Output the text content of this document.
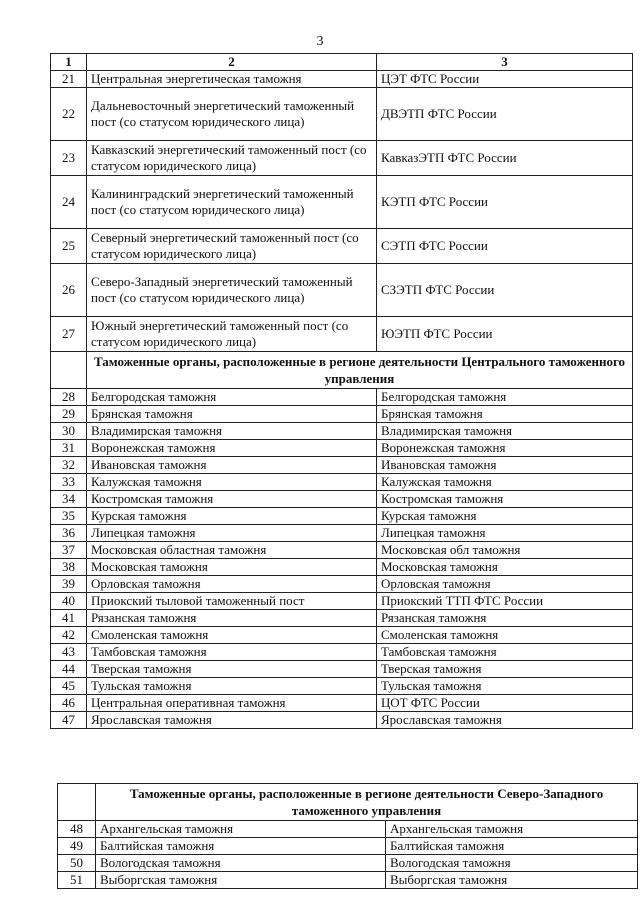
3
1	2	3
21	Центральная энергетическая таможня	ЦЭТ ФТС России
22	Дальневосточный энергетический таможенный пост (со статусом юридического лица)	ДВЭТП ФТС России
23	Кавказский энергетический таможенный пост (со статусом юридического лица)	КавказЭТП ФТС России
24	Калининградский энергетический таможенный пост (со статусом юридического лица)	КЭТП ФТС России
25	Северный энергетический таможенный пост (со статусом юридического лица)	СЭТП ФТС России
26	Северо-Западный энергетический таможенный пост (со статусом юридического лица)	СЗЭТП ФТС России
27	Южный энергетический таможенный пост (со статусом юридического лица)	ЮЭТП ФТС России
	Таможенные органы, расположенные в регионе деятельности Центрального таможенного управления	
28	Белгородская таможня	Белгородская таможня
29	Брянская таможня	Брянская таможня
30	Владимирская таможня	Владимирская таможня
31	Воронежская таможня	Воронежская таможня
32	Ивановская таможня	Ивановская таможня
33	Калужская таможня	Калужская таможня
34	Костромская таможня	Костромская таможня
35	Курская таможня	Курская таможня
36	Липецкая таможня	Липецкая таможня
37	Московская областная таможня	Московская обл таможня
38	Московская таможня	Московская таможня
39	Орловская таможня	Орловская таможня
40	Приокский тыловой таможенный пост	Приокский ТТП ФТС России
41	Рязанская таможня	Рязанская таможня
42	Смоленская таможня	Смоленская таможня
43	Тамбовская таможня	Тамбовская таможня
44	Тверская таможня	Тверская таможня
45	Тульская таможня	Тульская таможня
46	Центральная оперативная таможня	ЦОТ ФТС России
47	Ярославская таможня	Ярославская таможня
	Таможенные органы, расположенные в регионе деятельности Северо-Западного таможенного управления	
48	Архангельская таможня	Архангельская таможня
49	Балтийская таможня	Балтийская таможня
50	Вологодская таможня	Вологодская таможня
51	Выборгская таможня	Выборгская таможня
